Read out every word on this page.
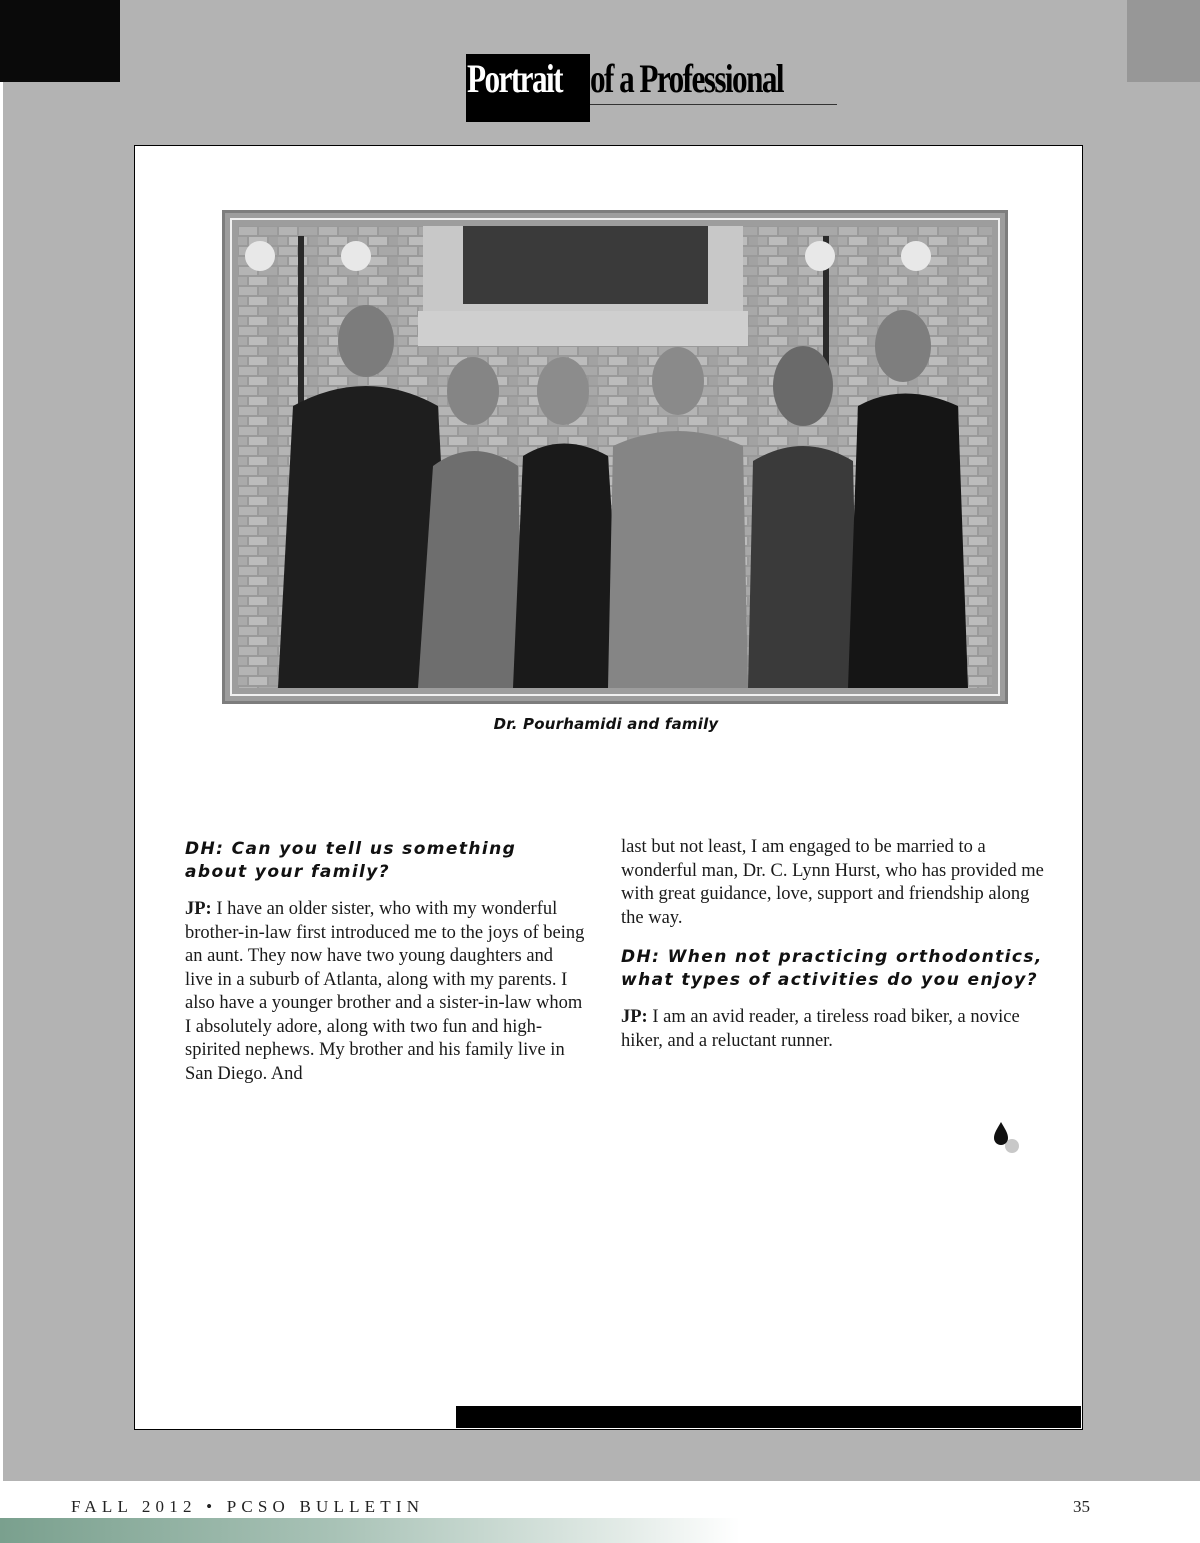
Portrait of a Professional
Dr. Pourhamidi and family

DH: Can you tell us something about your family?

JP: I have an older sister, who with my wonderful brother-in-law first introduced me to the joys of being an aunt. They now have two young daughters and live in a suburb of Atlanta, along with my parents. I also have a younger brother and a sister-in-law whom I absolutely adore, along with two fun and high-spirited nephews. My brother and his family live in San Diego. And

last but not least, I am engaged to be married to a wonderful man, Dr. C. Lynn Hurst, who has provided me with great guidance, love, support and friendship along the way.

DH: When not practicing orthodontics, what types of activities do you enjoy?

JP: I am an avid reader, a tireless road biker, a novice hiker, and a reluctant runner.

FALL 2012 • PCSO BULLETIN	35
